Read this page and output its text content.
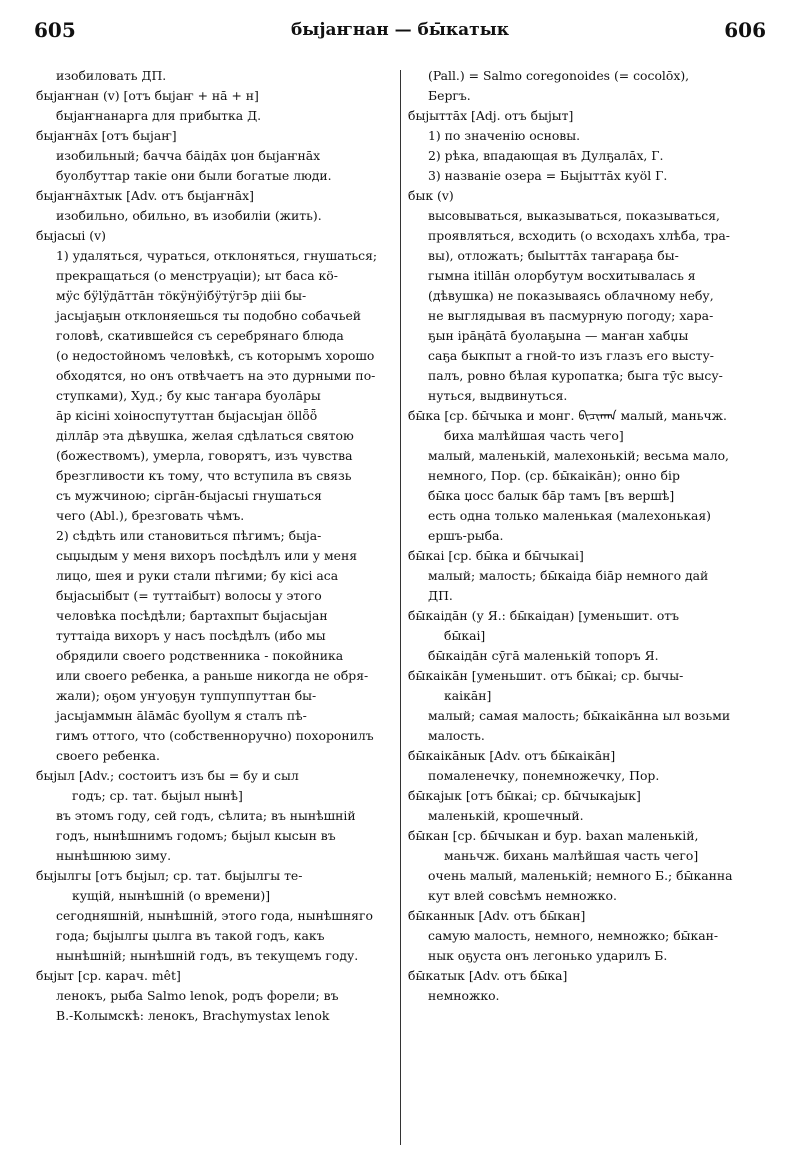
605	быјаҥнан — бы̄катык	606
изобиловать ДП.
быјаҥнан (v) [отъ быјаҥ + на̄ + н]
быјаҥнанарга для прибытка Д.
быјаҥна̄х [отъ быјаҥ]
изобильный; бачча ба̄іда̄х џон быјаҥна̄х
буолбуттар такіе они были богатые люди.
быјаҥна̄хтык [Adv. отъ быјаҥна̄х]
изобильно, обильно, въ изобиліи (жить).
быјасыі (v)
1) удаляться, чураться, отклоняться, гнушаться;
прекращаться (о менструаціи); ыт баса кö-
мӱс бӱlӱда̄тта̄н тöкӱнӱібӱтӱгэ̄р дііі бы-
јасыјаҕын отклоняешься ты подобно собачьей
головѣ, скатившейся съ серебрянаго блюда
(о недостойномъ человѣкѣ, съ которымъ хорошо
обходятся, но онъ отвѣчаетъ на это дурными по-
ступками), Худ.; бу кыс таҥара буола̄ры
а̄р кісіні хоіноспутуттан быјасыјан öllȫȫ
ділла̄р эта дѣвушка, желая сдѣлаться святою
(божествомъ), умерла, говорятъ, изъ чувства
брезгливости къ тому, что вступила въ связь
съ мужчиною; сірга̄н-быјасыі гнушаться
чего (Abl.), брезговать чѣмъ.
2) сѣдѣть или становиться пѣгимъ; быја-
сыџыдым у меня вихоръ посѣдѣлъ или у меня
лицо, шея и руки стали пѣгими; бу кісі аса
быјасыібыт (= туттаібыт) волосы у этого
человѣка посѣдѣли; бартахпыт быјасыјан
туттаіда вихоръ у насъ посѣдѣлъ (ибо мы
обрядили своего родственника - покойника
или своего ребенка, а раньше никогда не обря-
жали); оҕом уҥуоҕун туппуппуттан бы-
јасыјаммын а̄lа̄ма̄с буоllум я сталъ пѣ-
гимъ оттого, что (собственноручно) похоронилъ
своего ребенка.
быјыл [Adv.; состоитъ изъ бы = бу и сыл
годъ; ср. тат. быјыл нынѣ]
въ этомъ году, сей годъ, сѣлита; въ нынѣшній
годъ, нынѣшнимъ годомъ; быјыл кысын въ
нынѣшнюю зиму.
быјылгы [отъ быјыл; ср. тат. быјылгы те-
кущій, нынѣшній (о времени)]
сегодняшній, нынѣшній, этого года, нынѣшняго
года; быјылгы џылга въ такой годъ, какъ
нынѣшній; нынѣшній годъ, въ текущемъ году.
быјыт [ср. карач. mêt]
ленокъ, рыба Salmo lenok, родъ форели; въ
В.-Колымскѣ: ленокъ, Brachymystax lenok
(Pall.) = Salmo coregonoides (= сосоlо̄х),
Бергъ.
быјытта̄х [Adj. отъ быјыт]
1) по значенію основы.
2) рѣка, впадающая въ Дулҕала̄х, Г.
3) названіе озера = Быјытта̄х куöl Г.
бык (v)
высовываться, выказываться, показываться,
проявляться, всходить (о всходахъ хлѣба, тра-
вы), отложать; быlытта̄х таҥараҕа бы-
гымна іtіllа̄н олорбутум восхитывалась я
(дѣвушка) не показываясь облачному небу,
не выглядывая въ пасмурную погоду; хара-
ҕын іра̄ңа̄та̄ буолаҕына — маҥан хабџы
саҕа быкпыт а гной-то изъ глазъ его высту-
палъ, ровно бѣлая куропатка; быга тӯс высу-
нуться, выдвинуться.
бы̄ка [ср. бы̄чыка и монг. ᠪᠢᠴᠢᠬᠠᠨ малый, маньчж.
биха малѣйшая часть чего]
малый, маленькій, малехонькій; весьма мало,
немного, Пор. (ср. бы̄каіка̄н); онно бір
бы̄ка џосс балык ба̄р тамъ [въ вершѣ]
есть одна только маленькая (малехонькая)
ершъ-рыба.
бы̄каі [ср. бы̄ка и бы̄чыкаі]
малый; малость; бы̄каіда біа̄р немного дай
ДП.
бы̄каіда̄н (у Я.: бы̄каідан) [уменьшит. отъ
бы̄каі]
бы̄каіда̄н сӯга̄ маленькій топоръ Я.
бы̄каіка̄н [уменьшит. отъ бы̄каі; ср. бычы-
каіка̄н]
малый; самая малость; бы̄каіка̄нна ыл возьми
малость.
бы̄каіка̄нык [Adv. отъ бы̄каіка̄н]
помаленечку, понемножечку, Пор.
бы̄кајык [отъ бы̄каі; ср. бы̄чыкајык]
маленькій, крошечный.
бы̄кан [ср. бы̄чыкан и бур. bаxan маленькій,
маньчж. бихань малѣйшая часть чего]
очень малый, маленькій; немного Б.; бы̄канна
кут влей совсѣмъ немножко.
бы̄каннык [Adv. отъ бы̄кан]
самую малость, немного, немножко; бы̄кан-
нык оҕуста онъ легонько ударилъ Б.
бы̄катык [Adv. отъ бы̄ка]
немножко.
